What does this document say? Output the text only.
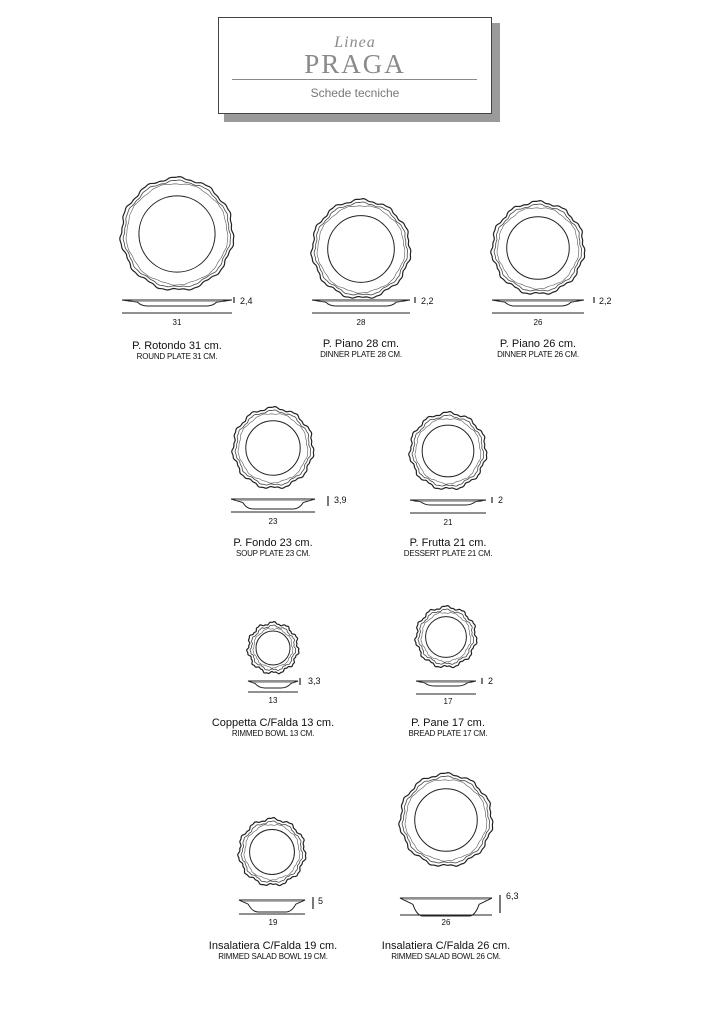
Linea
PRAGA
Schede tecniche
31
2,4
P. Rotondo 31 cm.
ROUND PLATE 31 CM.
28
2,2
P. Piano 28 cm.
DINNER PLATE 28 CM.
26
2,2
P. Piano 26 cm.
DINNER PLATE 26 CM.
23
3,9
P. Fondo 23 cm.
SOUP PLATE 23 CM.
21
2
P. Frutta 21 cm.
DESSERT PLATE 21 CM.
13
3,3
Coppetta C/Falda 13 cm.
RIMMED BOWL 13 CM.
17
2
P. Pane 17 cm.
BREAD PLATE 17 CM.
19
5
Insalatiera C/Falda 19 cm.
RIMMED SALAD BOWL 19 CM.
26
6,3
Insalatiera C/Falda 26 cm.
RIMMED SALAD BOWL 26 CM.
